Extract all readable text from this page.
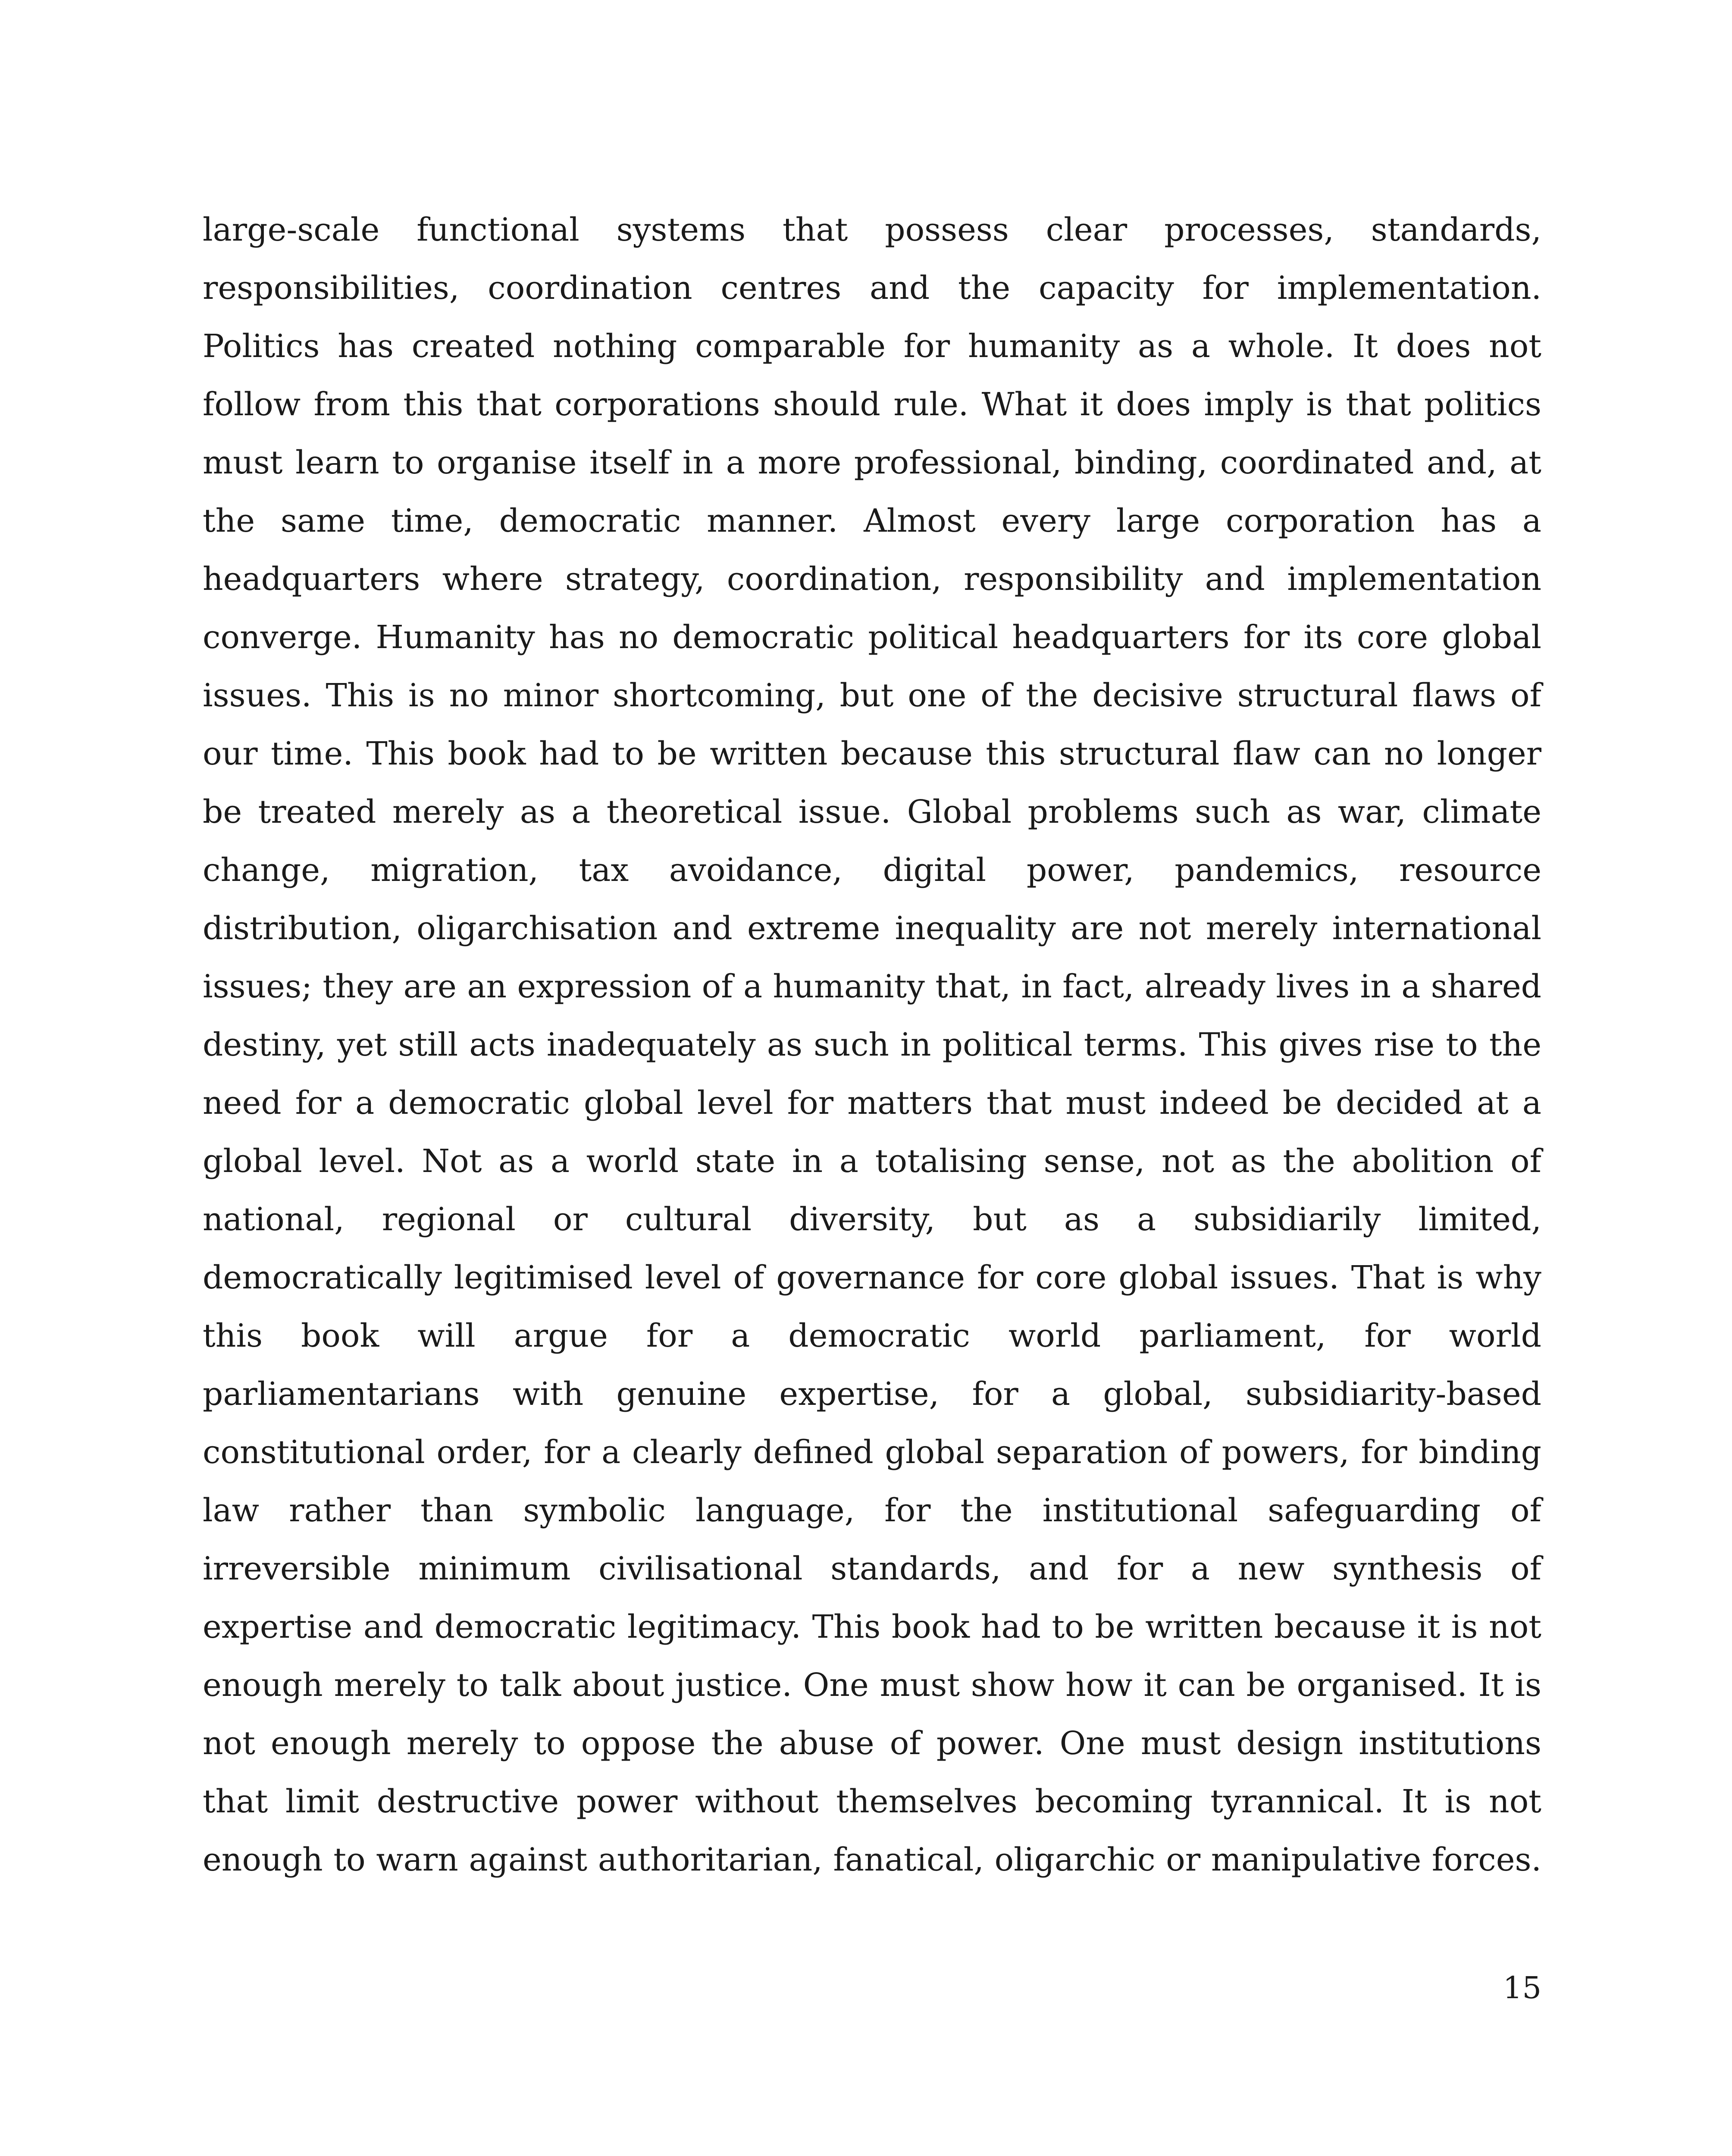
large-scale functional systems that possess clear processes, standards,
responsibilities, coordination centres and the capacity for implementation.
Politics has created nothing comparable for humanity as a whole. It does not
follow from this that corporations should rule. What it does imply is that politics
must learn to organise itself in a more professional, binding, coordinated and, at
the same time, democratic manner. Almost every large corporation has a
headquarters where strategy, coordination, responsibility and implementation
converge. Humanity has no democratic political headquarters for its core global
issues. This is no minor shortcoming, but one of the decisive structural flaws of
our time. This book had to be written because this structural flaw can no longer
be treated merely as a theoretical issue. Global problems such as war, climate
change, migration, tax avoidance, digital power, pandemics, resource
distribution, oligarchisation and extreme inequality are not merely international
issues; they are an expression of a humanity that, in fact, already lives in a shared
destiny, yet still acts inadequately as such in political terms. This gives rise to the
need for a democratic global level for matters that must indeed be decided at a
global level. Not as a world state in a totalising sense, not as the abolition of
national, regional or cultural diversity, but as a subsidiarily limited,
democratically legitimised level of governance for core global issues. That is why
this book will argue for a democratic world parliament, for world
parliamentarians with genuine expertise, for a global, subsidiarity-based
constitutional order, for a clearly defined global separation of powers, for binding
law rather than symbolic language, for the institutional safeguarding of
irreversible minimum civilisational standards, and for a new synthesis of
expertise and democratic legitimacy. This book had to be written because it is not
enough merely to talk about justice. One must show how it can be organised. It is
not enough merely to oppose the abuse of power. One must design institutions
that limit destructive power without themselves becoming tyrannical. It is not
enough to warn against authoritarian, fanatical, oligarchic or manipulative forces.
15
